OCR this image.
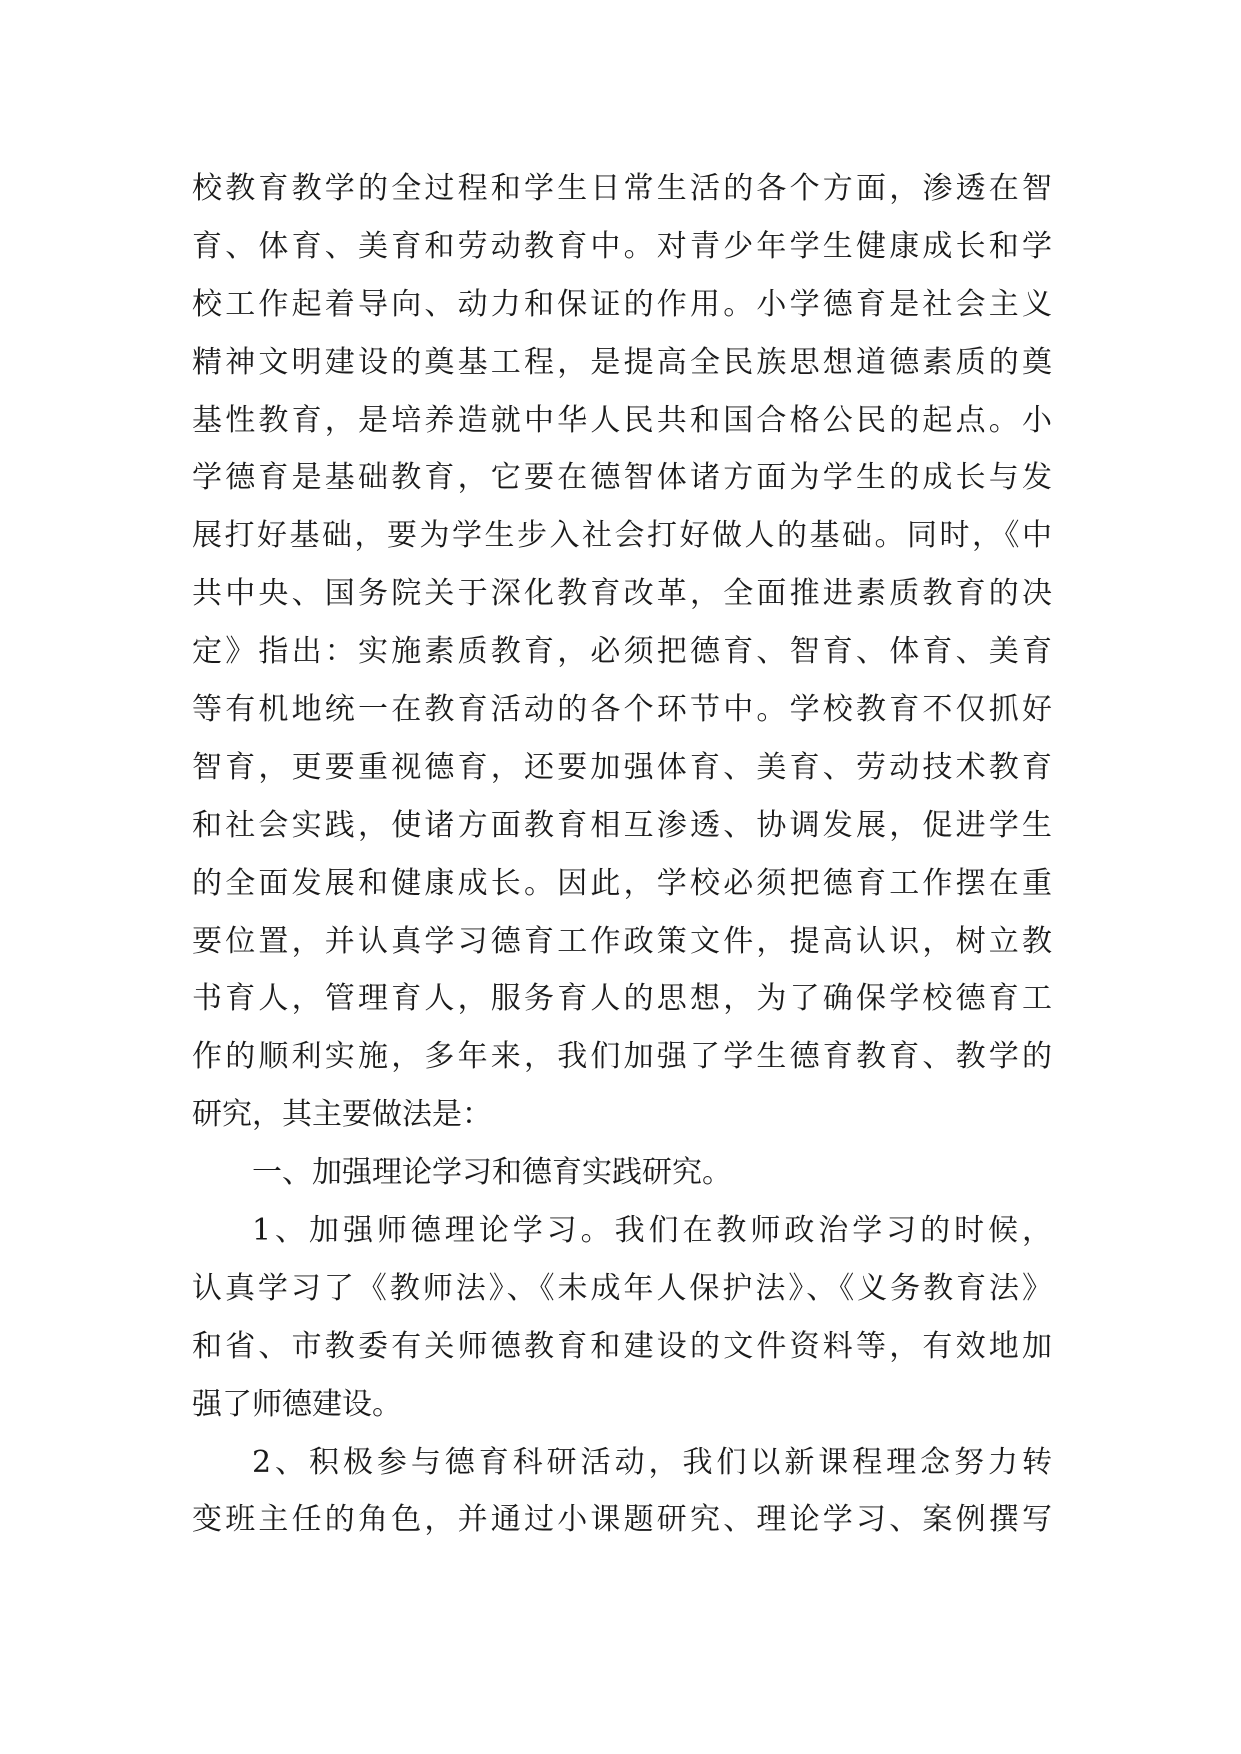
校教育教学的全过程和学生日常生活的各个方面，渗透在智
育、体育、美育和劳动教育中。对青少年学生健康成长和学
校工作起着导向、动力和保证的作用。小学德育是社会主义
精神文明建设的奠基工程，是提高全民族思想道德素质的奠
基性教育，是培养造就中华人民共和国合格公民的起点。小
学德育是基础教育，它要在德智体诸方面为学生的成长与发
展打好基础，要为学生步入社会打好做人的基础。同时，《中
共中央、国务院关于深化教育改革，全面推进素质教育的决
定》指出：实施素质教育，必须把德育、智育、体育、美育
等有机地统一在教育活动的各个环节中。学校教育不仅抓好
智育，更要重视德育，还要加强体育、美育、劳动技术教育
和社会实践，使诸方面教育相互渗透、协调发展，促进学生
的全面发展和健康成长。因此，学校必须把德育工作摆在重
要位置，并认真学习德育工作政策文件，提高认识，树立教
书育人，管理育人，服务育人的思想，为了确保学校德育工
作的顺利实施，多年来，我们加强了学生德育教育、教学的
研究，其主要做法是：
一、加强理论学习和德育实践研究。
1、加强师德理论学习。我们在教师政治学习的时候，
认真学习了《教师法》、《未成年人保护法》、《义务教育法》
和省、市教委有关师德教育和建设的文件资料等，有效地加
强了师德建设。
2、积极参与德育科研活动，我们以新课程理念努力转
变班主任的角色，并通过小课题研究、理论学习、案例撰写
